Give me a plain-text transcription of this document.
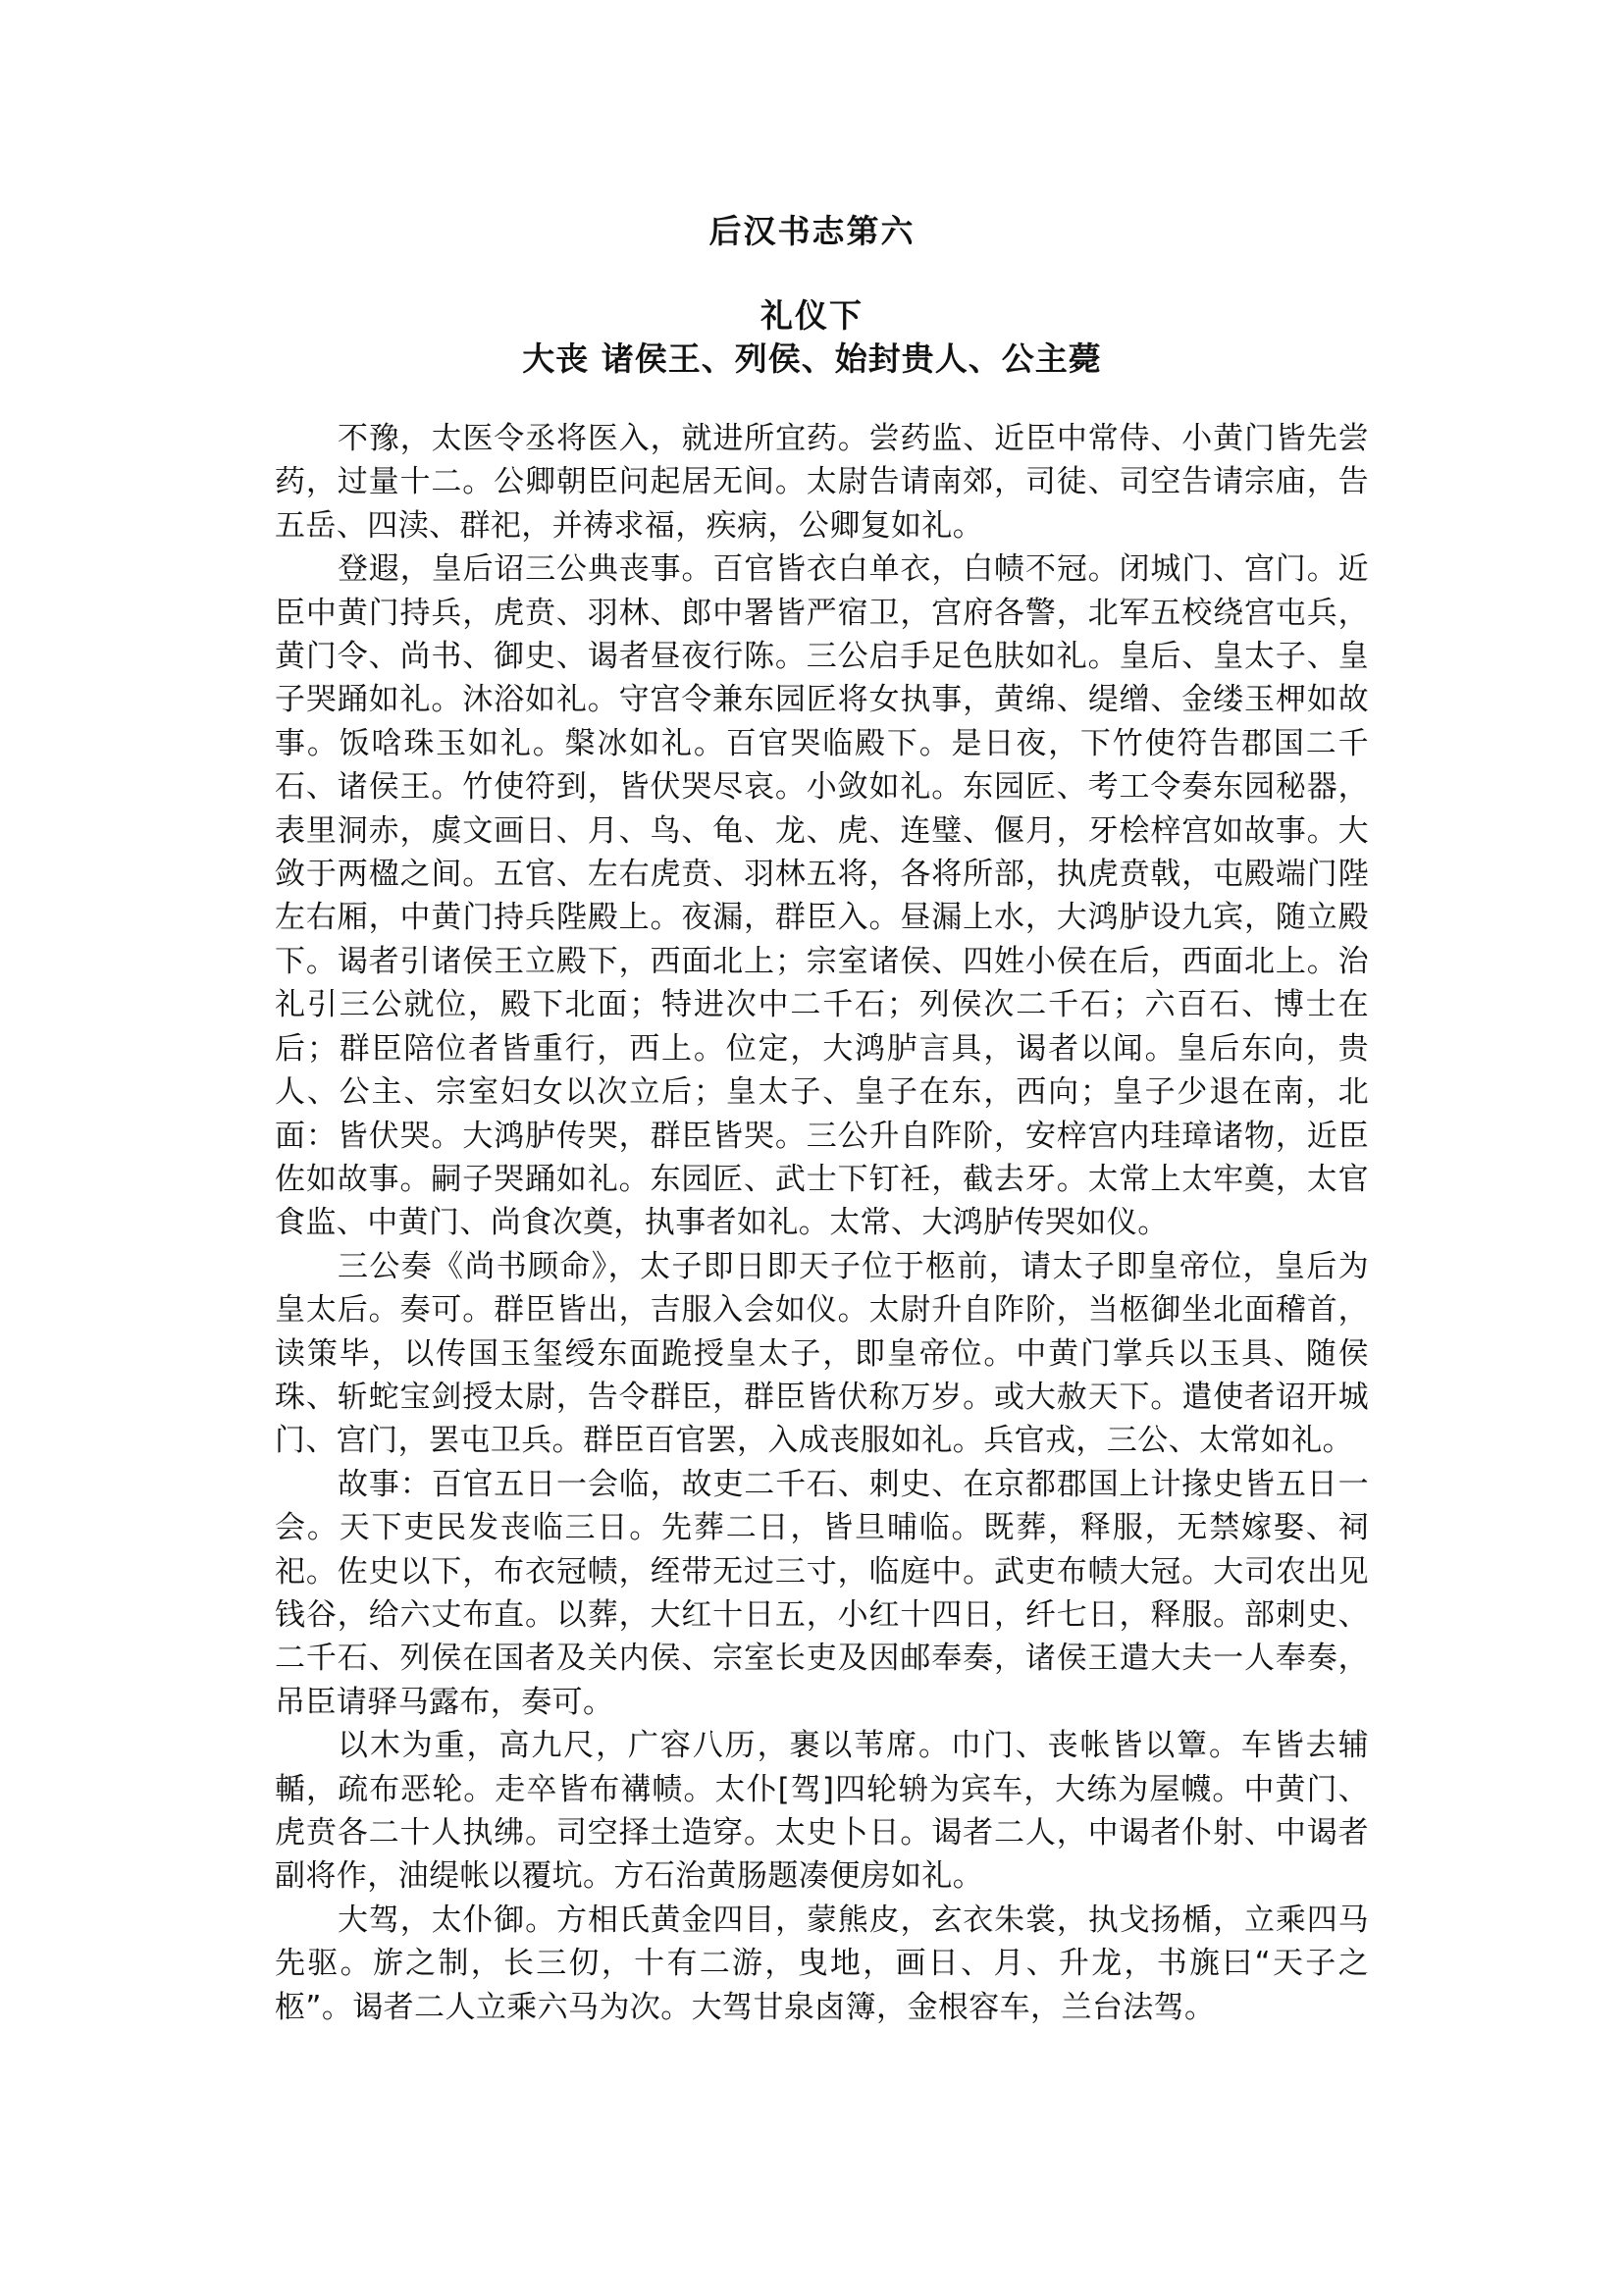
后汉书志第六
礼仪下
大丧 诸侯王、列侯、始封贵人、公主薨

不豫，太医令丞将医入，就进所宜药。尝药监、近臣中常侍、小黄门皆先尝药，过量十二。公卿朝臣问起居无间。太尉告请南郊，司徒、司空告请宗庙，告五岳、四渎、群祀，并祷求福，疾病，公卿复如礼。

登遐，皇后诏三公典丧事。百官皆衣白单衣，白帻不冠。闭城门、宫门。近臣中黄门持兵，虎贲、羽林、郎中署皆严宿卫，宫府各警，北军五校绕宫屯兵，黄门令、尚书、御史、谒者昼夜行陈。三公启手足色肤如礼。皇后、皇太子、皇子哭踊如礼。沐浴如礼。守宫令兼东园匠将女执事，黄绵、缇缯、金缕玉柙如故事。饭唅珠玉如礼。槃冰如礼。百官哭临殿下。是日夜，下竹使符告郡国二千石、诸侯王。竹使符到，皆伏哭尽哀。小敛如礼。东园匠、考工令奏东园秘器，表里洞赤，虡文画日、月、鸟、龟、龙、虎、连璧、偃月，牙桧梓宫如故事。大敛于两楹之间。五官、左右虎贲、羽林五将，各将所部，执虎贲戟，屯殿端门陛左右厢，中黄门持兵陛殿上。夜漏，群臣入。昼漏上水，大鸿胪设九宾，随立殿下。谒者引诸侯王立殿下，西面北上；宗室诸侯、四姓小侯在后，西面北上。治礼引三公就位，殿下北面；特进次中二千石；列侯次二千石；六百石、博士在后；群臣陪位者皆重行，西上。位定，大鸿胪言具，谒者以闻。皇后东向，贵人、公主、宗室妇女以次立后；皇太子、皇子在东，西向；皇子少退在南，北面：皆伏哭。大鸿胪传哭，群臣皆哭。三公升自阼阶，安梓宫内珪璋诸物，近臣佐如故事。嗣子哭踊如礼。东园匠、武士下钉衽，截去牙。太常上太牢奠，太官食监、中黄门、尚食次奠，执事者如礼。太常、大鸿胪传哭如仪。

三公奏《尚书顾命》，太子即日即天子位于柩前，请太子即皇帝位，皇后为皇太后。奏可。群臣皆出，吉服入会如仪。太尉升自阼阶，当柩御坐北面稽首，读策毕，以传国玉玺绶东面跪授皇太子，即皇帝位。中黄门掌兵以玉具、随侯珠、斩蛇宝剑授太尉，告令群臣，群臣皆伏称万岁。或大赦天下。遣使者诏开城门、宫门，罢屯卫兵。群臣百官罢，入成丧服如礼。兵官戎，三公、太常如礼。

故事：百官五日一会临，故吏二千石、刺史、在京都郡国上计掾史皆五日一会。天下吏民发丧临三日。先葬二日，皆旦晡临。既葬，释服，无禁嫁娶、祠祀。佐史以下，布衣冠帻，绖带无过三寸，临庭中。武吏布帻大冠。大司农出见钱谷，给六丈布直。以葬，大红十日五，小红十四日，纤七日，释服。部刺史、二千石、列侯在国者及关内侯、宗室长吏及因邮奉奏，诸侯王遣大夫一人奉奏，吊臣请驿马露布，奏可。

以木为重，高九尺，广容八历，裹以苇席。巾门、丧帐皆以簟。车皆去辅輴，疏布恶轮。走卒皆布褠帻。太仆[驾]四轮辀为宾车，大练为屋幭。中黄门、虎贲各二十人执绋。司空择土造穿。太史卜日。谒者二人，中谒者仆射、中谒者副将作，油缇帐以覆坑。方石治黄肠题凑便房如礼。

大驾，太仆御。方相氏黄金四目，蒙熊皮，玄衣朱裳，执戈扬楯，立乘四马先驱。旂之制，长三仞，十有二游，曳地，画日、月、升龙，书旐曰“天子之柩”。谒者二人立乘六马为次。大驾甘泉卤簿，金根容车，兰台法驾。
